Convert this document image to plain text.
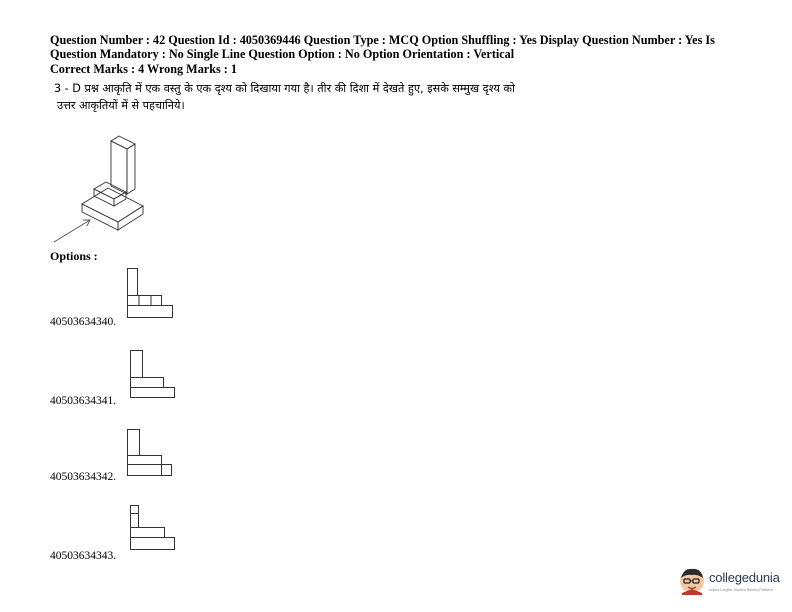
Question Number : 42 Question Id : 4050369446 Question Type : MCQ Option Shuffling : Yes Display Question Number : Yes Is
Question Mandatory : No Single Line Question Option : No Option Orientation : Vertical
Correct Marks : 4 Wrong Marks : 1
3 - D प्रश्न आकृति में एक वस्तु के एक दृश्य को दिखाया गया है। तीर की दिशा में देखते हुए, इसके सम्मुख दृश्य को
उत्तर आकृतियों में से पहचानिये।
Options :
40503634340.
40503634341.
40503634342.
40503634343.
collegedunia
India's Largest Student Review Platform
